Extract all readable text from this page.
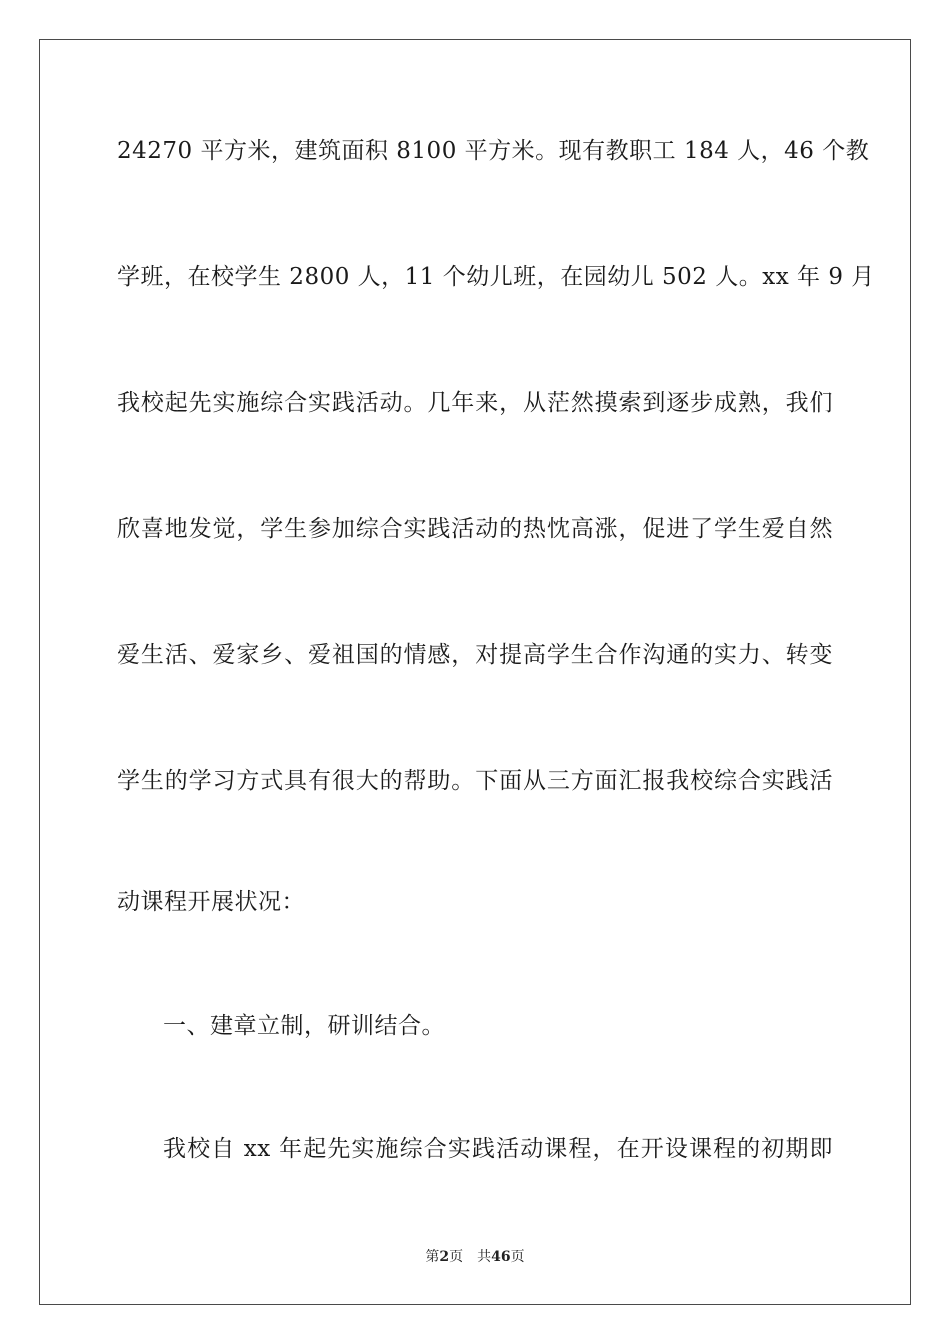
24270 平方米，建筑面积 8100 平方米。现有教职工 184 人，46 个教
学班，在校学生 2800 人，11 个幼儿班，在园幼儿 502 人。xx 年 9 月
我校起先实施综合实践活动。几年来，从茫然摸索到逐步成熟，我们
欣喜地发觉，学生参加综合实践活动的热忱高涨，促进了学生爱自然
爱生活、爱家乡、爱祖国的情感，对提高学生合作沟通的实力、转变
学生的学习方式具有很大的帮助。下面从三方面汇报我校综合实践活
动课程开展状况：
一、建章立制，研训结合。
我校自 xx 年起先实施综合实践活动课程，在开设课程的初期即
第2页 共46页
